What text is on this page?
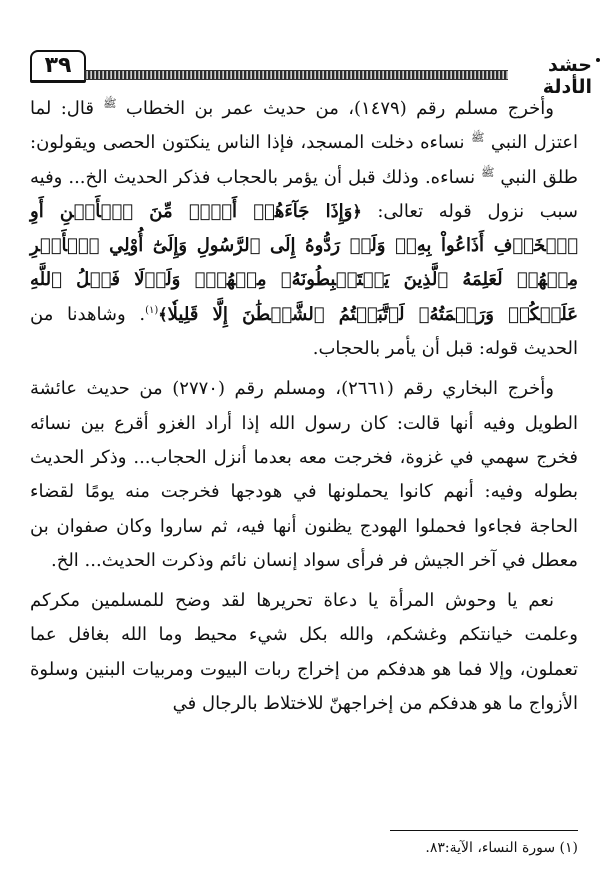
٣٩	حشد الأدلة

وأخرج مسلم رقم (١٤٧٩)، من حديث عمر بن الخطاب $^ﷺ$ قال: لما اعتزل النبي $^ﷺ$ نساءه دخلت المسجد، فإذا الناس ينكتون الحصى ويقولون: طلق النبي $^ﷺ$ نساءه. وذلك قبل أن يؤمر بالحجاب فذكر الحديث الخ... وفيه سبب نزول قوله تعالى: ﴿وَإِذَا جَآءَهُمۡ أَمۡرٞ مِّنَ ٱلۡأَمۡنِ أَوِ ٱلۡخَوۡفِ أَذَاعُواْ بِهِۦۖ وَلَوۡ رَدُّوهُ إِلَى ٱلرَّسُولِ وَإِلَىٰٓ أُوْلِي ٱلۡأَمۡرِ مِنۡهُمۡ لَعَلِمَهُ ٱلَّذِينَ يَسۡتَنۢبِطُونَهُۥ مِنۡهُمۡۗ وَلَوۡلَا فَضۡلُ ٱللَّهِ عَلَيۡكُمۡ وَرَحۡمَتُهُۥ لَٱتَّبَعۡتُمُ ٱلشَّيۡطَٰنَ إِلَّا قَلِيلٗا﴾$^{(١)}$. وشاهدنا من الحديث قوله: قبل أن يأمر بالحجاب.

وأخرج البخاري رقم (٢٦٦١)، ومسلم رقم (٢٧٧٠) من حديث عائشة الطويل وفيه أنها قالت: كان رسول الله إذا أراد الغزو أقرع بين نسائه فخرج سهمي في غزوة، فخرجت معه بعدما أنزل الحجاب... وذكر الحديث بطوله وفيه: أنهم كانوا يحملونها في هودجها فخرجت منه يومًا لقضاء الحاجة فجاءوا فحملوا الهودج يظنون أنها فيه، ثم ساروا وكان صفوان بن معطل في آخر الجيش فر فرأى سواد إنسان نائم وذكرت الحديث... الخ.

نعم يا وحوش المرأة يا دعاة تحريرها لقد وضح للمسلمين مكركم وعلمت خيانتكم وغشكم، والله بكل شيء محيط وما الله بغافل عما تعملون، وإلا فما هو هدفكم من إخراج ربات البيوت ومربيات البنين وسلوة الأزواج ما هو هدفكم من إخراجهنّ للاختلاط بالرجال في

(١) سورة النساء، الآية:٨٣.
